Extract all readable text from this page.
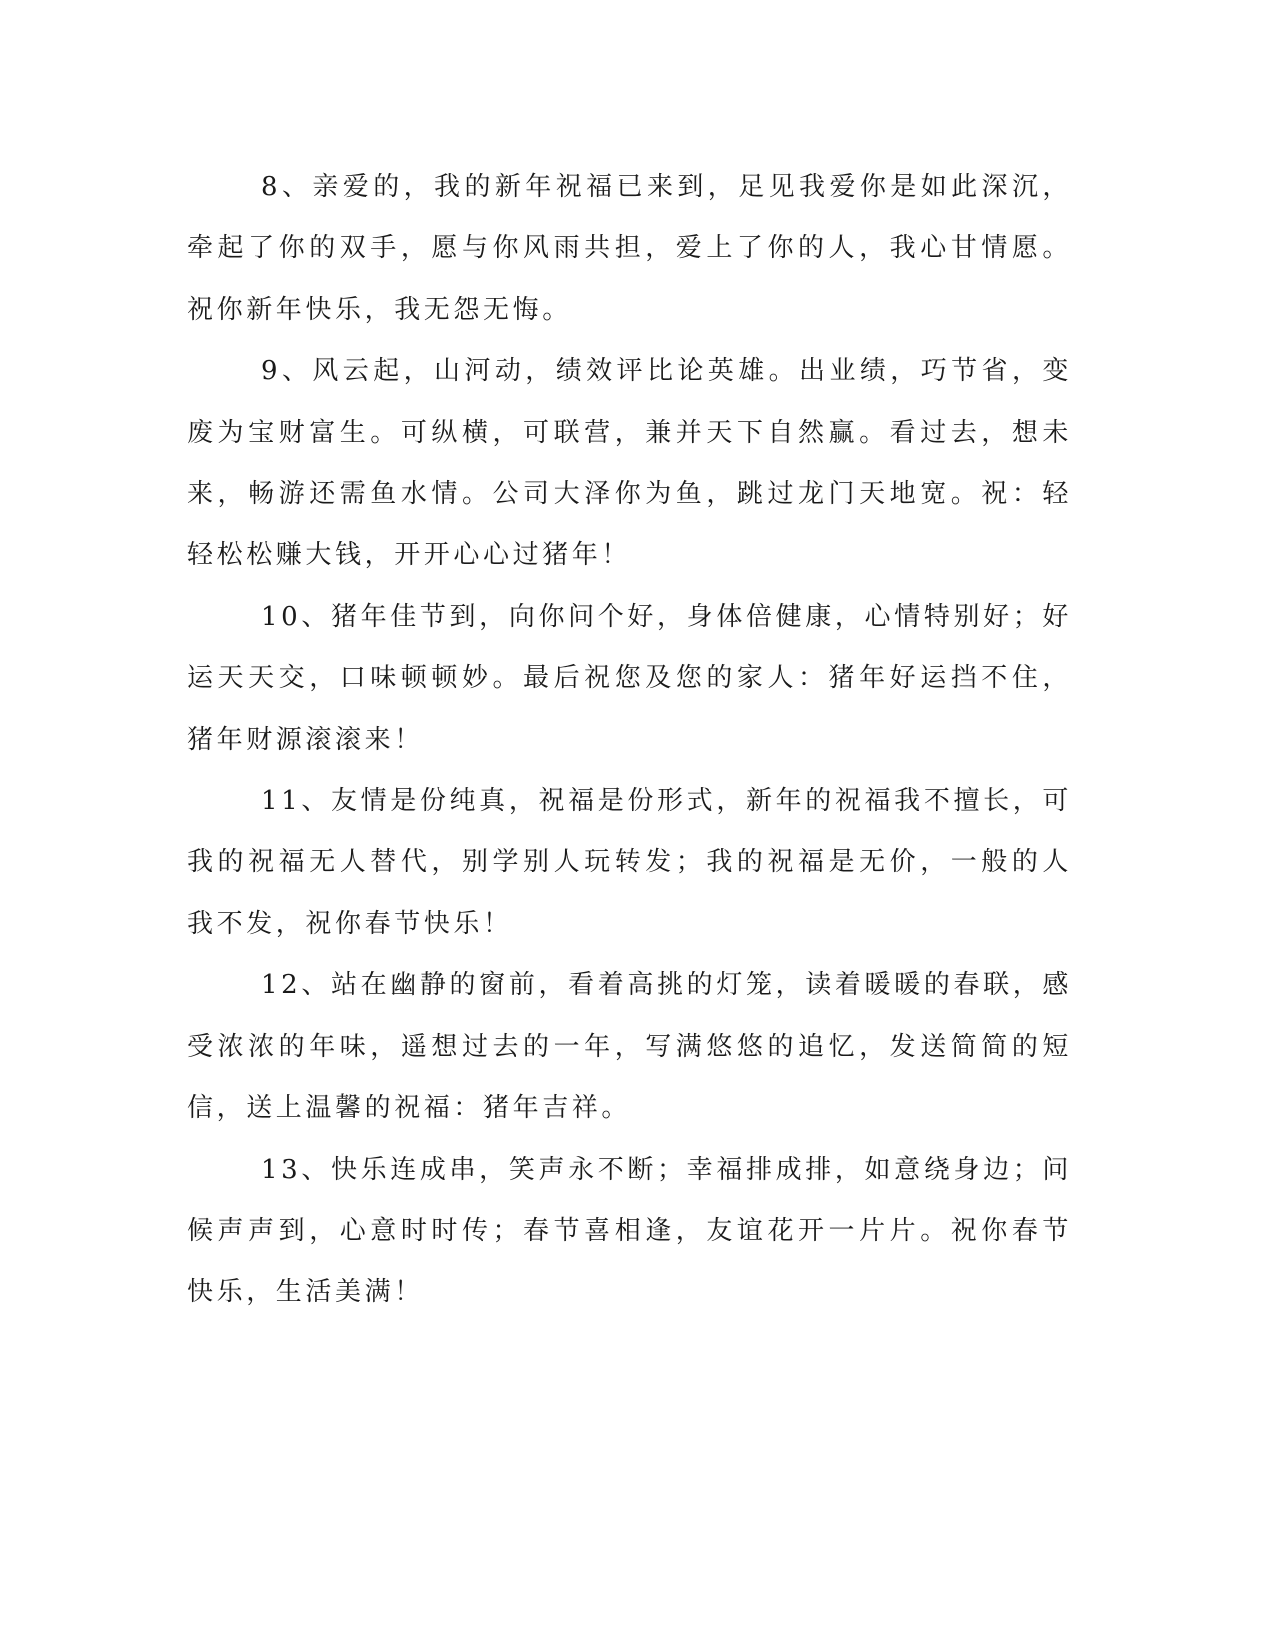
8、亲爱的，我的新年祝福已来到，足见我爱你是如此深沉，牵起了你的双手，愿与你风雨共担，爱上了你的人，我心甘情愿。祝你新年快乐，我无怨无悔。

9、风云起，山河动，绩效评比论英雄。出业绩，巧节省，变废为宝财富生。可纵横，可联营，兼并天下自然赢。看过去，想未来，畅游还需鱼水情。公司大泽你为鱼，跳过龙门天地宽。祝：轻轻松松赚大钱，开开心心过猪年！

10、猪年佳节到，向你问个好，身体倍健康，心情特别好；好运天天交，口味顿顿妙。最后祝您及您的家人：猪年好运挡不住，猪年财源滚滚来！

11、友情是份纯真，祝福是份形式，新年的祝福我不擅长，可我的祝福无人替代，别学别人玩转发；我的祝福是无价，一般的人我不发，祝你春节快乐！

12、站在幽静的窗前，看着高挑的灯笼，读着暖暖的春联，感受浓浓的年味，遥想过去的一年，写满悠悠的追忆，发送简简的短信，送上温馨的祝福：猪年吉祥。

13、快乐连成串，笑声永不断；幸福排成排，如意绕身边；问候声声到，心意时时传；春节喜相逢，友谊花开一片片。祝你春节快乐，生活美满！
